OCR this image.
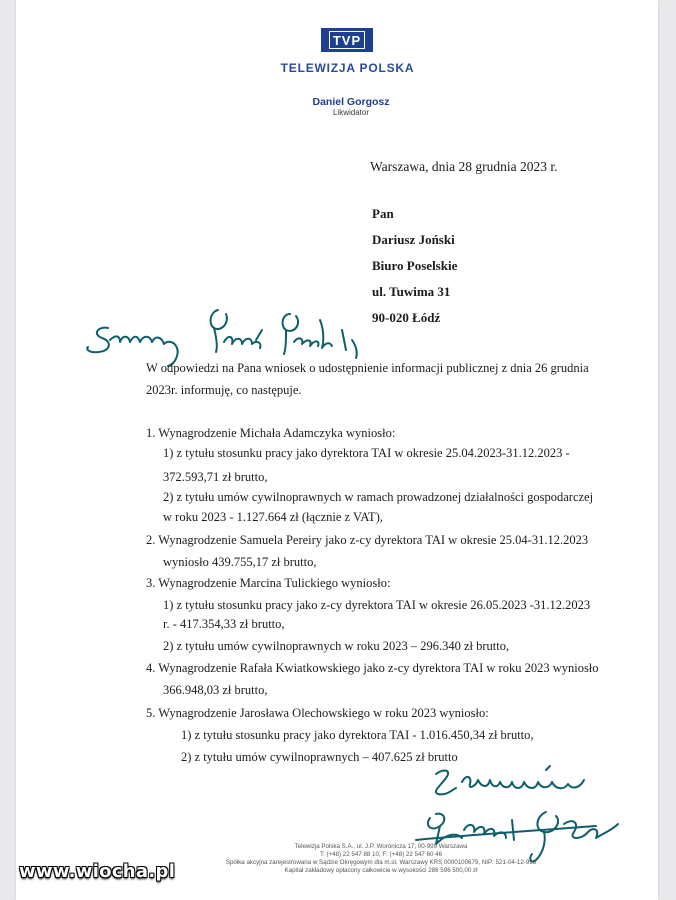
TVP
TELEWIZJA POLSKA
Daniel Gorgosz
Likwidator
Warszawa, dnia 28 grudnia 2023 r.
Pan
Dariusz Joński
Biuro Poselskie
ul. Tuwima 31
90-020 Łódź
W odpowiedzi na Pana wniosek o udostępnienie informacji publicznej z dnia 26 grudnia 2023r. informuję, co następuje.
1. Wynagrodzenie Michała Adamczyka wyniosło:
1) z tytułu stosunku pracy jako dyrektora TAI w okresie 25.04.2023-31.12.2023 -
372.593,71 zł brutto,
2) z tytułu umów cywilnoprawnych w ramach prowadzonej działalności gospodarczej
w roku 2023 - 1.127.664 zł (łącznie z VAT),
2. Wynagrodzenie Samuela Pereiry jako z-cy dyrektora TAI w okresie 25.04-31.12.2023
wyniosło 439.755,17 zł brutto,
3. Wynagrodzenie Marcina Tulickiego wyniosło:
1) z tytułu stosunku pracy jako z-cy dyrektora TAI w okresie 26.05.2023 -31.12.2023
r. - 417.354,33 zł brutto,
2) z tytułu umów cywilnoprawnych w roku 2023 – 296.340 zł brutto,
4. Wynagrodzenie Rafała Kwiatkowskiego jako z-cy dyrektora TAI w roku 2023 wyniosło
366.948,03 zł brutto,
5. Wynagrodzenie Jarosława Olechowskiego w roku 2023 wyniosło:
1) z tytułu stosunku pracy jako dyrektora TAI - 1.016.450,34 zł brutto,
2) z tytułu umów cywilnoprawnych – 407.625 zł brutto
Telewizja Polska S.A., ul. J.P. Woronicza 17, 00-999 Warszawa
T: (+48) 22 547 88 10, F: (+48) 22 547 60 46
Spółka akcyjna zarejestrowana w Sądzie Okręgowym dla m.st. Warszawy KRS 0000100679, NIP: 521-04-12-998
Kapitał zakładowy opłacony całkowicie w wysokości 286 596 500,00 zł
www.wiocha.pl
